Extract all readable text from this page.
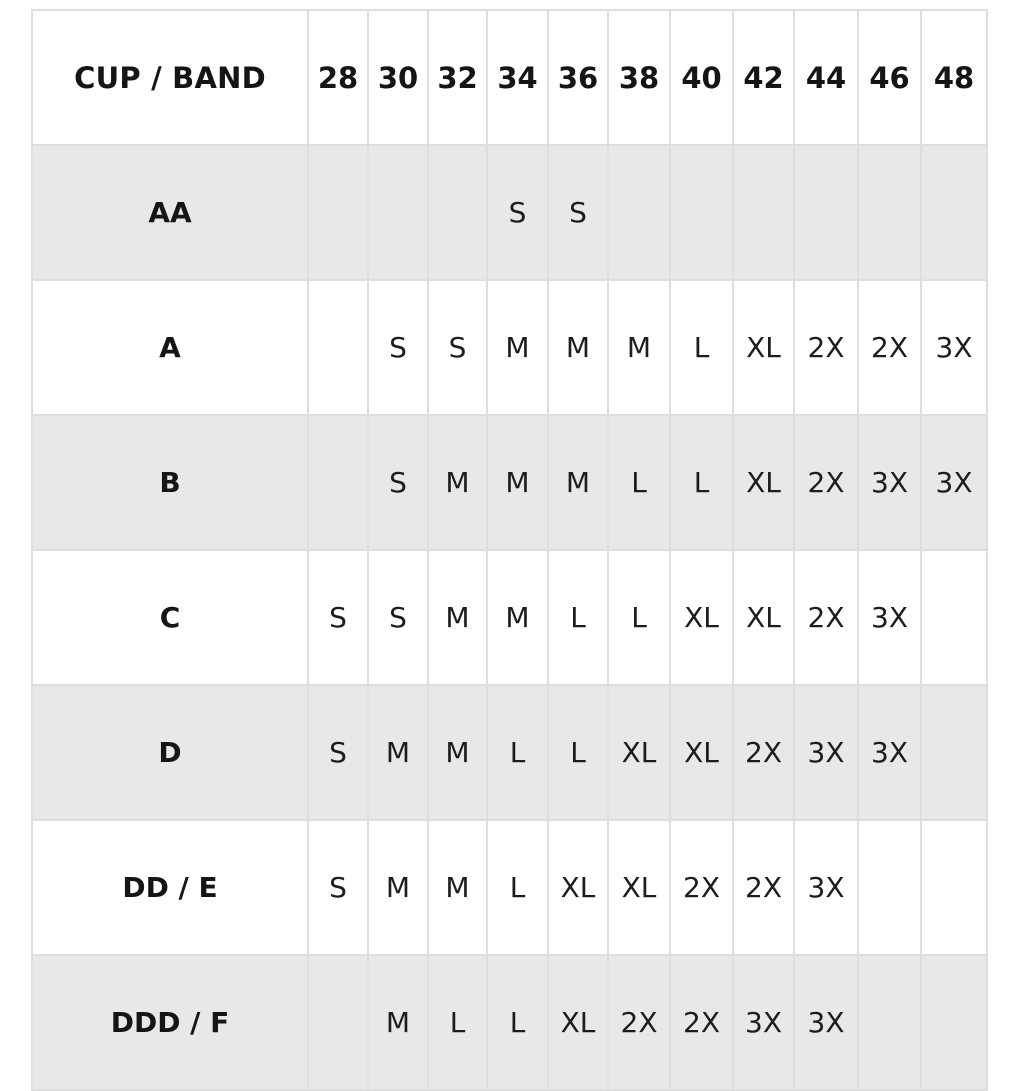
CUP / BAND	28	30	32	34	36	38	40	42	44	46	48
AA				S	S						
A		S	S	M	M	M	L	XL	2X	2X	3X
B		S	M	M	M	L	L	XL	2X	3X	3X
C	S	S	M	M	L	L	XL	XL	2X	3X	
D	S	M	M	L	L	XL	XL	2X	3X	3X	
DD / E	S	M	M	L	XL	XL	2X	2X	3X		
DDD / F		M	L	L	XL	2X	2X	3X	3X		
